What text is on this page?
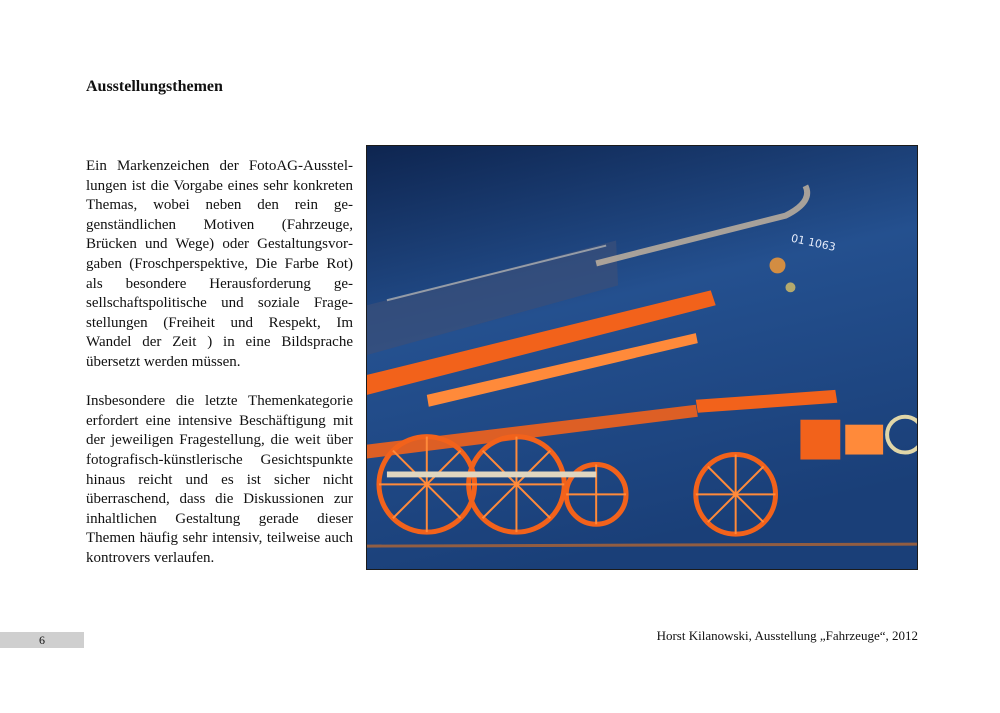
Ausstellungsthemen

Ein Markenzeichen der FotoAG-Ausstellungen ist die Vorgabe eines sehr konkreten Themas, wobei neben den rein gegenständlichen Motiven (Fahrzeuge, Brücken und Wege) oder Gestaltungsvorgaben (Froschperspektive, Die Farbe Rot) als besondere Herausforderung gesellschaftspolitische und soziale Fragestellungen (Freiheit und Respekt, Im Wandel der Zeit ) in eine Bildsprache übersetzt werden müssen.

Insbesondere die letzte Themenkategorie erfordert eine intensive Beschäftigung mit der jeweiligen Fragestellung, die weit über fotografisch-künstlerische Gesichtspunkte hinaus reicht und es ist sicher nicht überraschend, dass die Diskussionen zur inhaltlichen Gestaltung gerade dieser Themen häufig sehr intensiv, teilweise auch kontrovers verlaufen.

01 1063
6	Horst Kilanowski, Ausstellung „Fahrzeuge“, 2012
